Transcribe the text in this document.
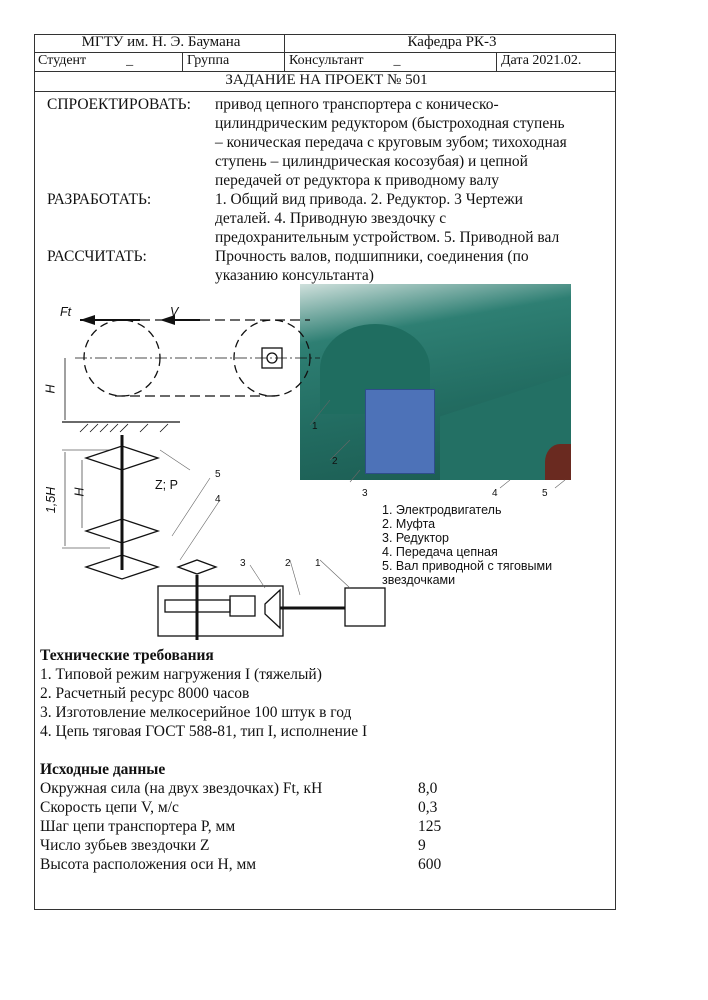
МГТУ им. Н. Э. Баумана	Кафедра РК-3
Студент	_	Группа	Консультант _	Дата 2021.02.
ЗАДАНИЕ НА ПРОЕКТ № 501
СПРОЕКТИРОВАТЬ: привод цепного транспортера с коническо-
цилиндрическим редуктором (быстроходная ступень
– коническая передача с круговым зубом; тихоходная
ступень – цилиндрическая косозубая) и цепной
передачей от редуктора к приводному валу
РАЗРАБОТАТЬ:	1. Общий вид привода. 2. Редуктор. 3 Чертежи
деталей. 4. Приводную звездочку с
предохранительным устройством. 5. Приводной вал
РАССЧИТАТЬ:	Прочность валов, подшипники, соединения (по
указанию консультанта)
Ft	V
H
1,5H H	Z; P
5
4
3	2 1
1
2
3	4	5
1. Электродвигатель
2. Муфта
3. Редуктор
4. Передача цепная
5. Вал приводной с тяговыми
звездочками
Технические требования
1. Типовой режим нагружения I (тяжелый)
2. Расчетный ресурс 8000 часов
3. Изготовление мелкосерийное 100 штук в год
4. Цепь тяговая ГОСТ 588-81, тип I, исполнение I
Исходные данные
Окружная сила (на двух звездочках) Ft, кН	8,0
Скорость цепи V, м/с	0,3
Шаг цепи транспортера P, мм	125
Число зубьев звездочки Z	9
Высота расположения оси H, мм	600
